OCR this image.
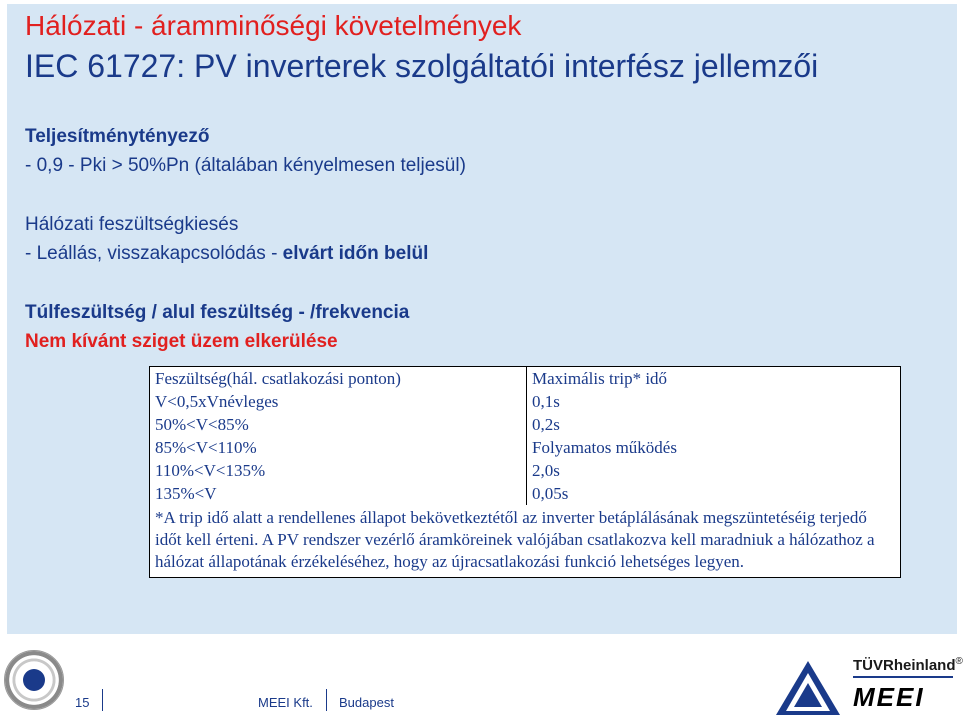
Hálózati - áramminőségi követelmények
IEC 61727: PV inverterek szolgáltatói interfész jellemzői
Teljesítménytényező
- 0,9 - Pki > 50%Pn (általában kényelmesen teljesül)
Hálózati feszültségkiesés
- Leállás, visszakapcsolódás - elvárt időn belül
Túlfeszültség / alul feszültség - /frekvencia
Nem kívánt sziget üzem elkerülése
Feszültség(hál. csatlakozási ponton)	Maximális trip* idő
V<0,5xVnévleges	0,1s
50%<V<85%	0,2s
85%<V<110%	Folyamatos működés
110%<V<135%	2,0s
135%<V	0,05s
*A trip idő alatt a rendellenes állapot bekövetkeztétől az inverter betáplálásának megszüntetéséig terjedő időt kell érteni. A PV rendszer vezérlő áramköreinek valójában csatlakozva kell maradniuk a hálózathoz a hálózat állapotának érzékeléséhez, hogy az újracsatlakozási funkció lehetséges legyen.	
15	MEEI Kft. Budapest
TÜVRheinland®
MEEI
